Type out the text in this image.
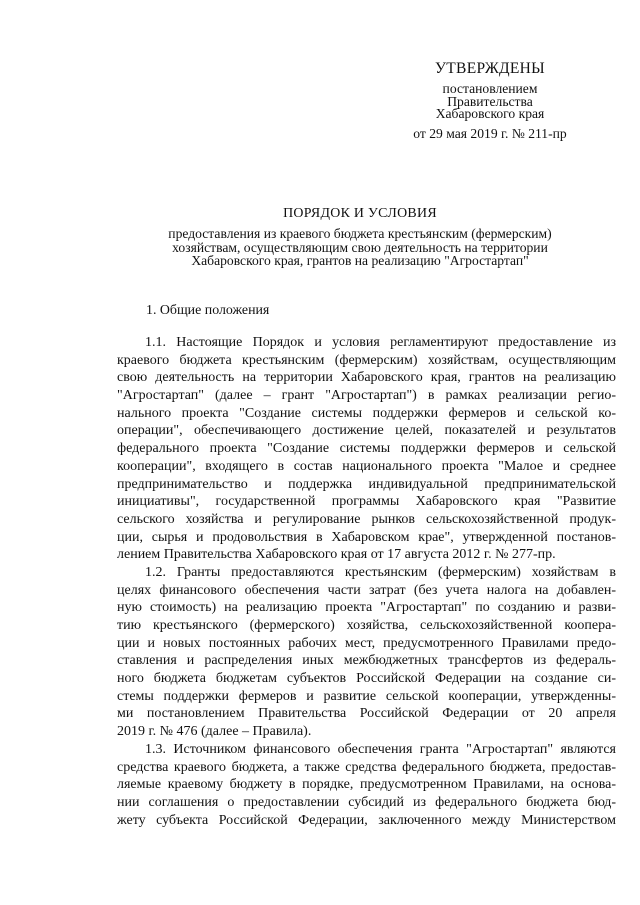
УТВЕРЖДЕНЫ
постановлением
Правительства
Хабаровского края
от 29 мая 2019 г. № 211-пр
ПОРЯДОК И УСЛОВИЯ
предоставления из краевого бюджета крестьянским (фермерским)
хозяйствам, осуществляющим свою деятельность на территории
Хабаровского края, грантов на реализацию "Агростартап"
1. Общие положения
1.1. Настоящие Порядок и условия регламентируют предоставление из
краевого бюджета крестьянским (фермерским) хозяйствам, осуществляющим
свою деятельность на территории Хабаровского края, грантов на реализацию
"Агростартап" (далее – грант "Агростартап") в рамках реализации регио-
нального проекта "Создание системы поддержки фермеров и сельской ко-
операции", обеспечивающего достижение целей, показателей и результатов
федерального проекта "Создание системы поддержки фермеров и сельской
кооперации", входящего в состав национального проекта "Малое и среднее
предпринимательство и поддержка индивидуальной предпринимательской
инициативы", государственной программы Хабаровского края "Развитие
сельского хозяйства и регулирование рынков сельскохозяйственной продук-
ции, сырья и продовольствия в Хабаровском крае", утвержденной постанов-
лением Правительства Хабаровского края от 17 августа 2012 г. № 277-пр.
1.2. Гранты предоставляются крестьянским (фермерским) хозяйствам в
целях финансового обеспечения части затрат (без учета налога на добавлен-
ную стоимость) на реализацию проекта "Агростартап" по созданию и разви-
тию крестьянского (фермерского) хозяйства, сельскохозяйственной коопера-
ции и новых постоянных рабочих мест, предусмотренного Правилами предо-
ставления и распределения иных межбюджетных трансфертов из федераль-
ного бюджета бюджетам субъектов Российской Федерации на создание си-
стемы поддержки фермеров и развитие сельской кооперации, утвержденны-
ми постановлением Правительства Российской Федерации от 20 апреля
2019 г. № 476 (далее – Правила).
1.3. Источником финансового обеспечения гранта "Агростартап" являются
средства краевого бюджета, а также средства федерального бюджета, предостав-
ляемые краевому бюджету в порядке, предусмотренном Правилами, на основа-
нии соглашения о предоставлении субсидий из федерального бюджета бюд-
жету субъекта Российской Федерации, заключенного между Министерством
